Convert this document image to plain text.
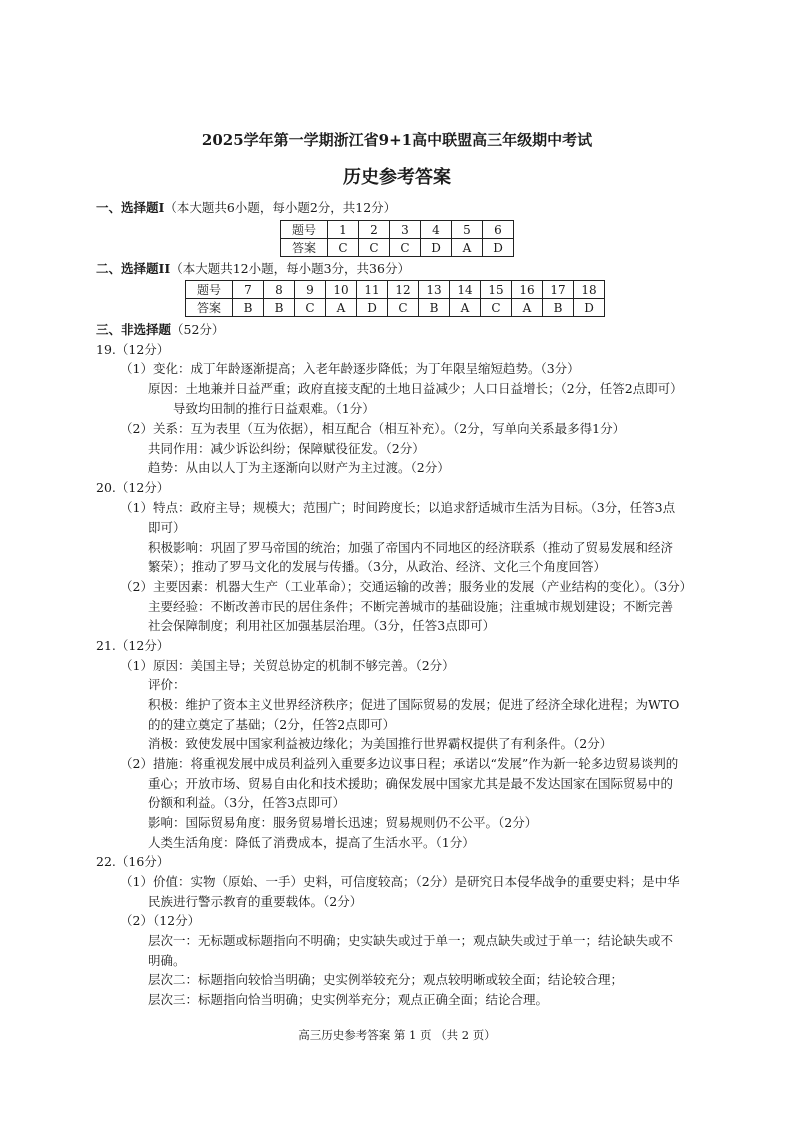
2025学年第一学期浙江省9+1高中联盟高三年级期中考试
历史参考答案
一、选择题I（本大题共6小题，每小题2分，共12分）
题号	1	2	3	4	5	6
答案	C	C	C	D	A	D
二、选择题II（本大题共12小题，每小题3分，共36分）
题号	7	8	9	10	11	12	13	14	15	16	17	18
答案	B	B	C	A	D	C	B	A	C	A	B	D
三、非选择题（52分）
19.（12分）
（1）变化：成丁年龄逐渐提高；入老年龄逐步降低；为丁年限呈缩短趋势。（3分）
原因：土地兼并日益严重；政府直接支配的土地日益减少；人口日益增长；（2分，任答2点即可）
导致均田制的推行日益艰难。（1分）
（2）关系：互为表里（互为依据），相互配合（相互补充）。（2分，写单向关系最多得1分）
共同作用：减少诉讼纠纷；保障赋役征发。（2分）
趋势：从由以人丁为主逐渐向以财产为主过渡。（2分）
20.（12分）
（1）特点：政府主导；规模大；范围广；时间跨度长；以追求舒适城市生活为目标。（3分，任答3点
即可）
积极影响：巩固了罗马帝国的统治；加强了帝国内不同地区的经济联系（推动了贸易发展和经济
繁荣）；推动了罗马文化的发展与传播。（3分，从政治、经济、文化三个角度回答）
（2）主要因素：机器大生产（工业革命）；交通运输的改善；服务业的发展（产业结构的变化）。（3分）
主要经验：不断改善市民的居住条件；不断完善城市的基础设施；注重城市规划建设；不断完善
社会保障制度；利用社区加强基层治理。（3分，任答3点即可）
21.（12分）
（1）原因：美国主导；关贸总协定的机制不够完善。（2分）
评价：
积极：维护了资本主义世界经济秩序；促进了国际贸易的发展；促进了经济全球化进程；为WTO
的的建立奠定了基础；（2分，任答2点即可）
消极：致使发展中国家利益被边缘化；为美国推行世界霸权提供了有利条件。（2分）
（2）措施：将重视发展中成员利益列入重要多边议事日程；承诺以“发展”作为新一轮多边贸易谈判的
重心；开放市场、贸易自由化和技术援助；确保发展中国家尤其是最不发达国家在国际贸易中的
份额和利益。（3分，任答3点即可）
影响：国际贸易角度：服务贸易增长迅速；贸易规则仍不公平。（2分）
人类生活角度：降低了消费成本，提高了生活水平。（1分）
22.（16分）
（1）价值：实物（原始、一手）史料，可信度较高；（2分）是研究日本侵华战争的重要史料；是中华
民族进行警示教育的重要载体。（2分）
（2）（12分）
层次一：无标题或标题指向不明确；史实缺失或过于单一；观点缺失或过于单一；结论缺失或不
明确。
层次二：标题指向较恰当明确；史实例举较充分；观点较明晰或较全面；结论较合理；
层次三：标题指向恰当明确；史实例举充分；观点正确全面；结论合理。
高三历史参考答案 第 1 页 （共 2 页）
